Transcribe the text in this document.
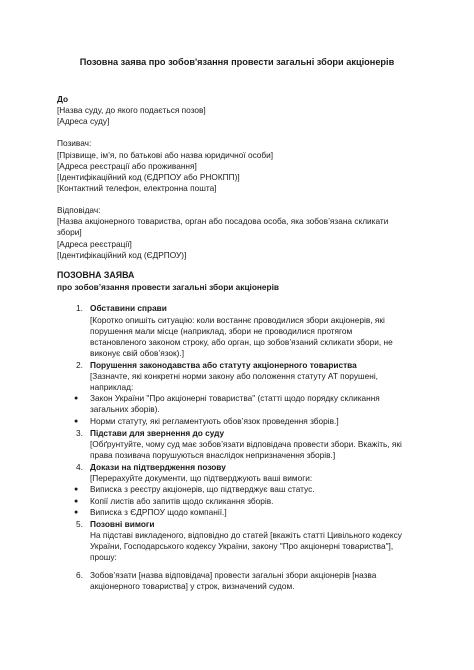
Позовна заява про зобов'язання провести загальні збори акціонерів
До
[Назва суду, до якого подається позов]
[Адреса суду]
Позивач:
[Прізвище, ім’я, по батькові або назва юридичної особи]
[Адреса реєстрації або проживання]
[Ідентифікаційний код (ЄДРПОУ або РНОКПП)]
[Контактний телефон, електронна пошта]
Відповідач:
[Назва акціонерного товариства, орган або посадова особа, яка зобов’язана скликати
збори]
[Адреса реєстрації]
[Ідентифікаційний код (ЄДРПОУ)]
ПОЗОВНА ЗАЯВА
про зобов’язання провести загальні збори акціонерів
1. Обставини справи
[Коротко опишіть ситуацію: коли востаннє проводилися збори акціонерів, які
порушення мали місце (наприклад, збори не проводилися протягом
встановленого законом строку, або орган, що зобов’язаний скликати збори, не
виконує свій обов’язок).]
2. Порушення законодавства або статуту акціонерного товариства
[Зазначте, які конкретні норми закону або положення статуту АТ порушені,
наприклад:
● Закон України "Про акціонерні товариства" (статті щодо порядку скликання
загальних зборів).
● Норми статуту, які регламентують обов’язок проведення зборів.]
3. Підстави для звернення до суду
[Обґрунтуйте, чому суд має зобов’язати відповідача провести збори. Вкажіть, які
права позивача порушуються внаслідок непризначення зборів.]
4. Докази на підтвердження позову
[Перерахуйте документи, що підтверджують ваші вимоги:
● Виписка з реєстру акціонерів, що підтверджує ваш статус.
● Копії листів або запитів щодо скликання зборів.
● Виписка з ЄДРПОУ щодо компанії.]
5. Позовні вимоги
На підставі викладеного, відповідно до статей [вкажіть статті Цивільного кодексу
України, Господарського кодексу України, закону "Про акціонерні товариства"],
прошу:
6. Зобов’язати [назва відповідача] провести загальні збори акціонерів [назва
акціонерного товариства] у строк, визначений судом.
